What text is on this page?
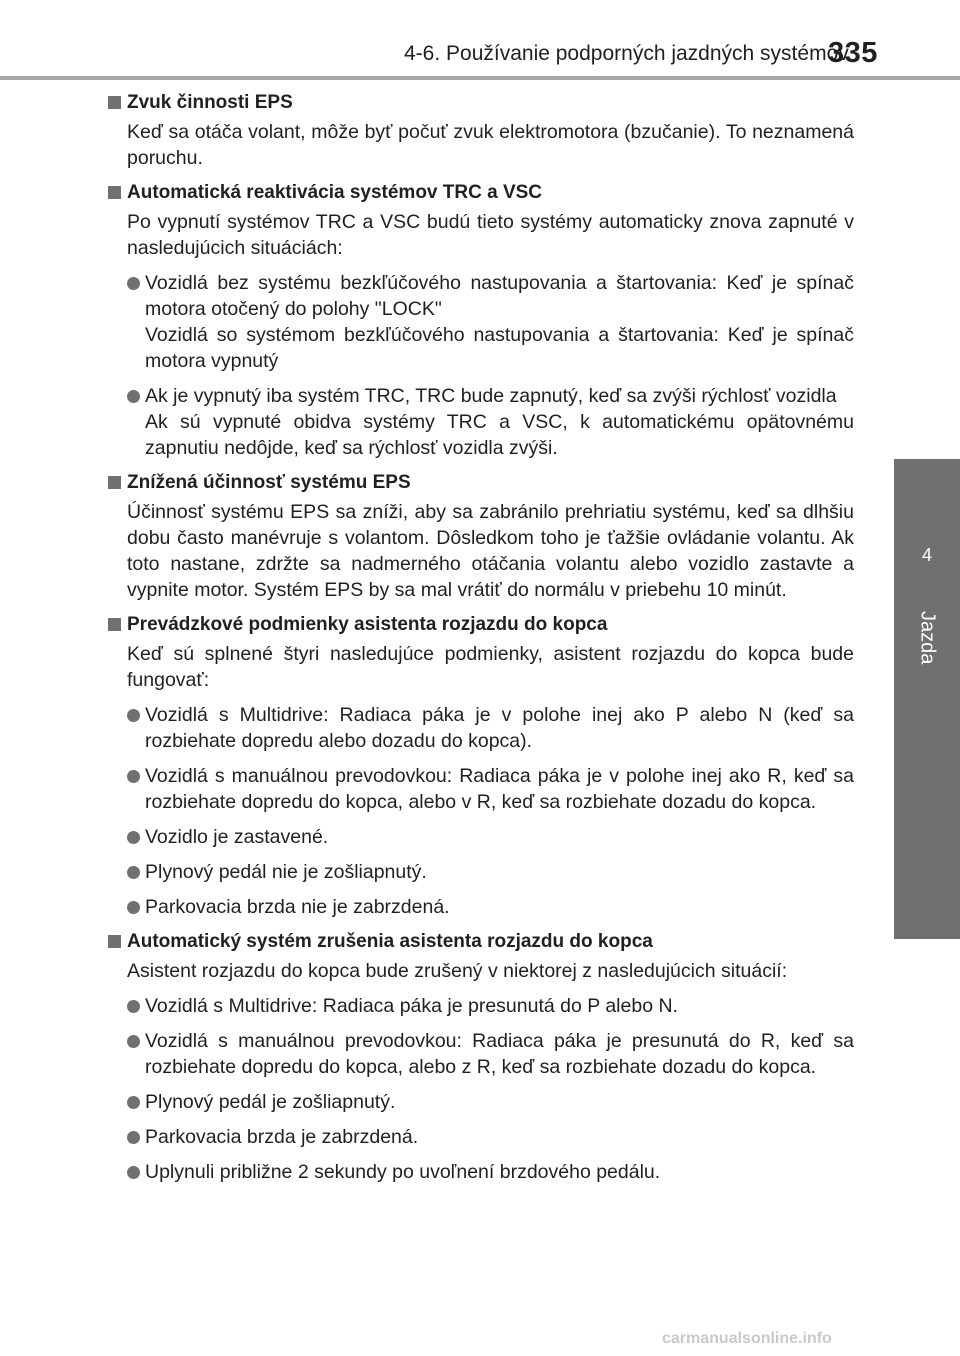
4-6. Používanie podporných jazdných systémov
335
4
Jazda
Zvuk činnosti EPS

Keď sa otáča volant, môže byť počuť zvuk elektromotora (bzučanie). To neznamená poruchu.

Automatická reaktivácia systémov TRC a VSC

Po vypnutí systémov TRC a VSC budú tieto systémy automaticky znova zapnuté v nasledujúcich situáciách:

Vozidlá bez systému bezkľúčového nastupovania a štartovania: Keď je spínač motora otočený do polohy "LOCK"
Vozidlá so systémom bezkľúčového nastupovania a štartovania: Keď je spínač motora vypnutý
Ak je vypnutý iba systém TRC, TRC bude zapnutý, keď sa zvýši rýchlosť vozidla
Ak sú vypnuté obidva systémy TRC a VSC, k automatickému opätovnému zapnutiu nedôjde, keď sa rýchlosť vozidla zvýši.
Znížená účinnosť systému EPS

Účinnosť systému EPS sa zníži, aby sa zabránilo prehriatiu systému, keď sa dlhšiu dobu často manévruje s volantom. Dôsledkom toho je ťažšie ovládanie volantu. Ak toto nastane, zdržte sa nadmerného otáčania volantu alebo vozidlo zastavte a vypnite motor. Systém EPS by sa mal vrátiť do normálu v priebehu 10 minút.

Prevádzkové podmienky asistenta rozjazdu do kopca

Keď sú splnené štyri nasledujúce podmienky, asistent rozjazdu do kopca bude fungovať:

Vozidlá s Multidrive: Radiaca páka je v polohe inej ako P alebo N (keď sa rozbiehate dopredu alebo dozadu do kopca).
Vozidlá s manuálnou prevodovkou: Radiaca páka je v polohe inej ako R, keď sa rozbiehate dopredu do kopca, alebo v R, keď sa rozbiehate dozadu do kopca.
Vozidlo je zastavené.
Plynový pedál nie je zošliapnutý.
Parkovacia brzda nie je zabrzdená.
Automatický systém zrušenia asistenta rozjazdu do kopca

Asistent rozjazdu do kopca bude zrušený v niektorej z nasledujúcich situácií:

Vozidlá s Multidrive: Radiaca páka je presunutá do P alebo N.
Vozidlá s manuálnou prevodovkou: Radiaca páka je presunutá do R, keď sa rozbiehate dopredu do kopca, alebo z R, keď sa rozbiehate dozadu do kopca.
Plynový pedál je zošliapnutý.
Parkovacia brzda je zabrzdená.
Uplynuli približne 2 sekundy po uvoľnení brzdového pedálu.
carmanualsonline.info
